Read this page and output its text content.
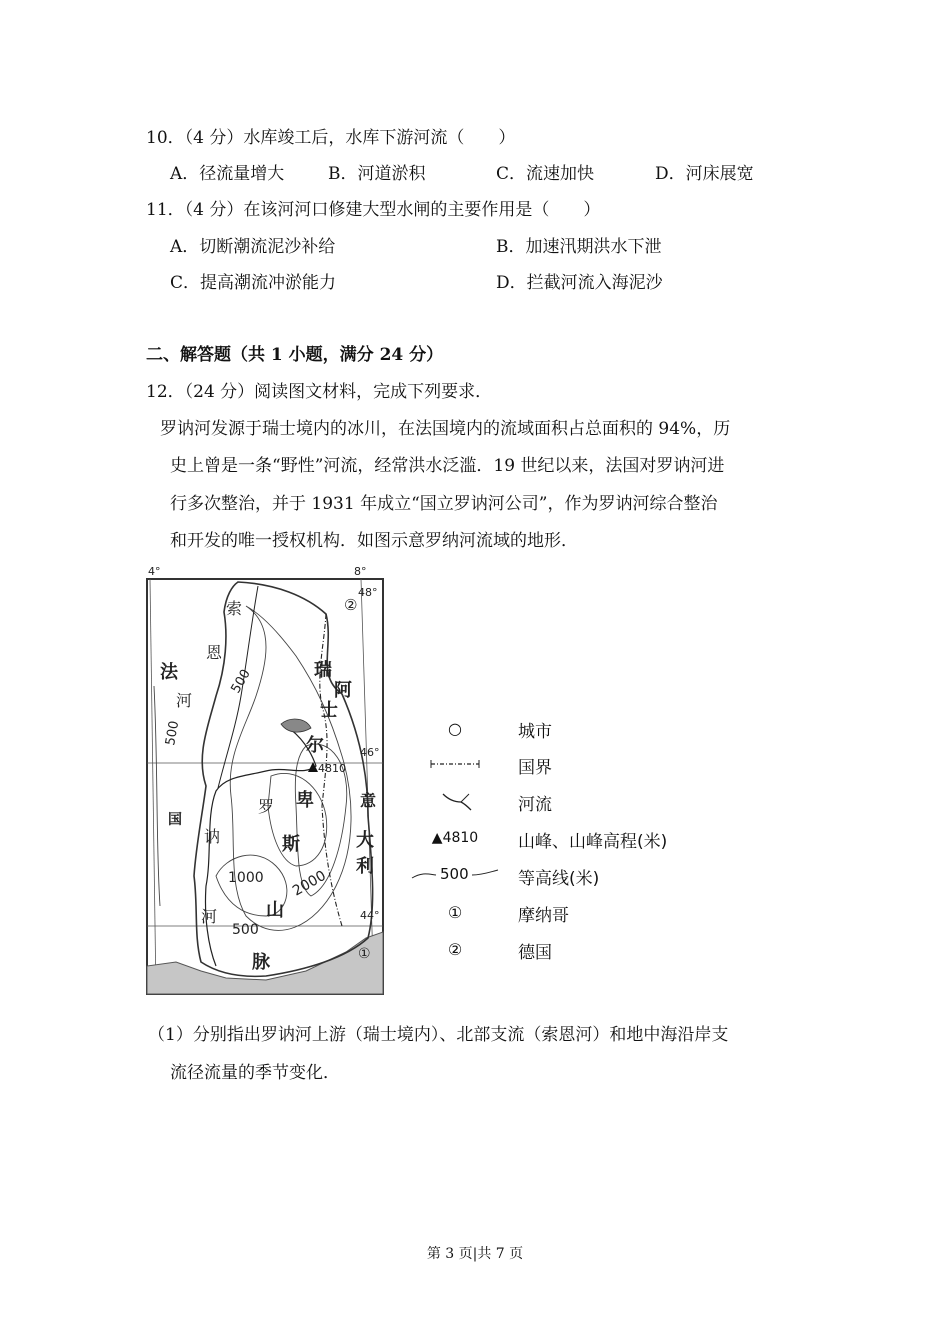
10．（4 分）水库竣工后，水库下游河流（　　）
A．径流量增大	B．河道淤积	C．流速加快	D．河床展宽
11．（4 分）在该河河口修建大型水闸的主要作用是（　　）
A．切断潮流泥沙补给	B．加速汛期洪水下泄
C．提高潮流冲淤能力	D．拦截河流入海泥沙
二、解答题（共 1 小题，满分 24 分）
12．（24 分）阅读图文材料，完成下列要求．
罗讷河发源于瑞士境内的冰川，在法国境内的流域面积占总面积的 94%，历
史上曾是一条“野性”河流，经常洪水泛滥．19 世纪以来，法国对罗讷河进
行多次整治，并于 1931 年成立“国立罗讷河公司”，作为罗讷河综合整治
和开发的唯一授权机构．如图示意罗纳河流域的地形．
4°	8°
48°
46°
44°
法
国
索
恩
河
罗
讷
河
阿
尔
卑
斯
山
脉
瑞
士
意
大
利
500
500
1000 2000
500
4810
②
①
○	城市
国界
河流
▲4810	山峰、山峰高程(米)
500	等高线(米)
①	摩纳哥
②	德国
（1）分别指出罗讷河上游（瑞士境内）、北部支流（索恩河）和地中海沿岸支
流径流量的季节变化．
第 3 页|共 7 页
